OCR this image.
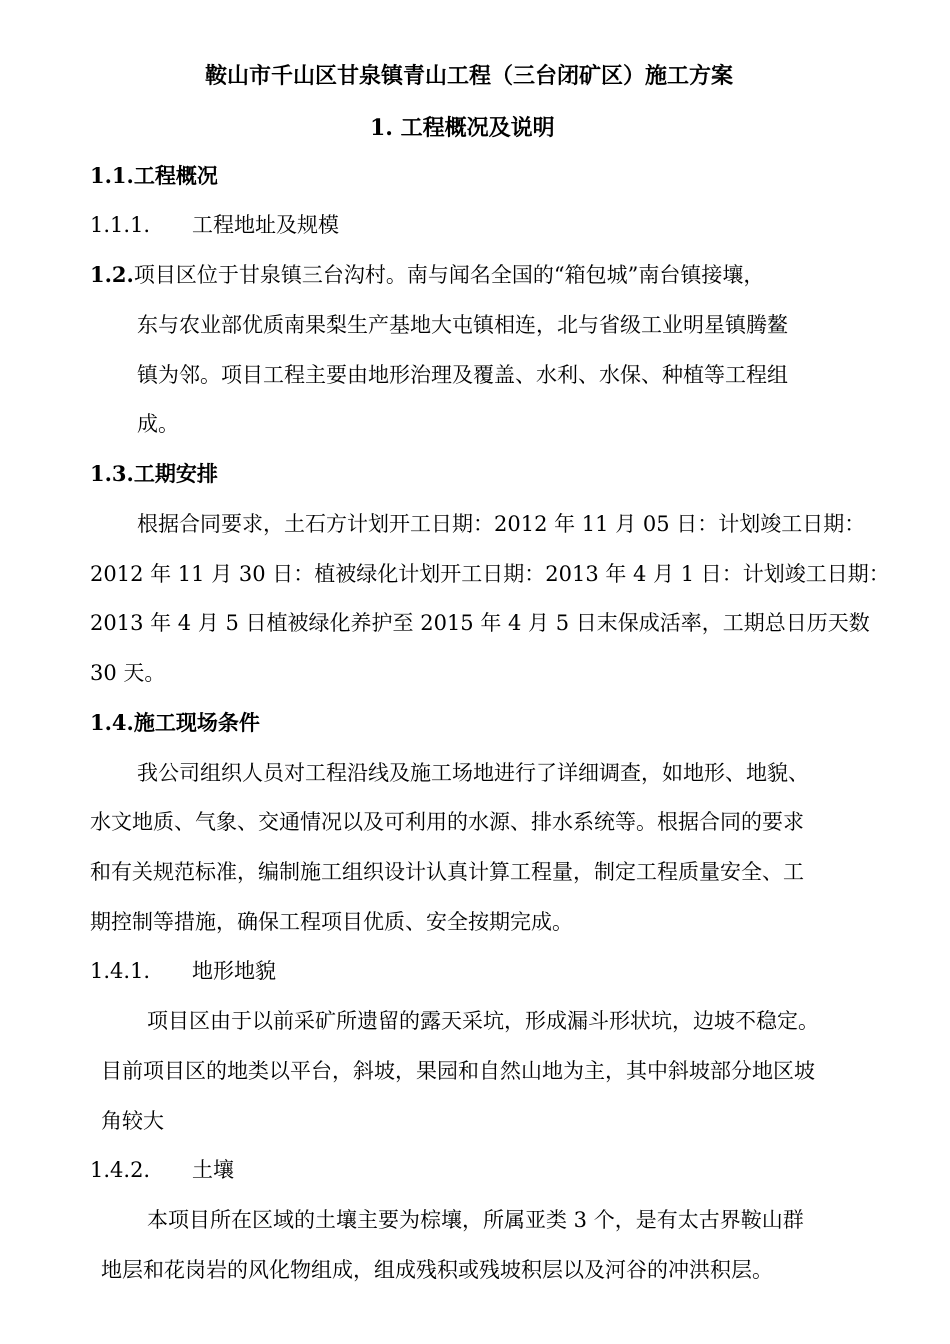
鞍山市千山区甘泉镇青山工程（三台闭矿区）施工方案
1. 工程概况及说明
1.1.工程概况
1.1.1. 工程地址及规模
1.2.项目区位于甘泉镇三台沟村。南与闻名全国的“箱包城”南台镇接壤，
东与农业部优质南果梨生产基地大屯镇相连，北与省级工业明星镇腾鳌
镇为邻。项目工程主要由地形治理及覆盖、水利、水保、种植等工程组
成。
1.3.工期安排
根据合同要求，土石方计划开工日期：2012 年 11 月 05 日：计划竣工日期：
2012 年 11 月 30 日：植被绿化计划开工日期：2013 年 4 月 1 日：计划竣工日期：
2013 年 4 月 5 日植被绿化养护至 2015 年 4 月 5 日末保成活率，工期总日历天数
30 天。
1.4.施工现场条件
我公司组织人员对工程沿线及施工场地进行了详细调查，如地形、地貌、
水文地质、气象、交通情况以及可利用的水源、排水系统等。根据合同的要求
和有关规范标准，编制施工组织设计认真计算工程量，制定工程质量安全、工
期控制等措施，确保工程项目优质、安全按期完成。
1.4.1. 地形地貌
项目区由于以前采矿所遗留的露天采坑，形成漏斗形状坑，边坡不稳定。
目前项目区的地类以平台，斜坡，果园和自然山地为主，其中斜坡部分地区坡
角较大
1.4.2. 土壤
本项目所在区域的土壤主要为棕壤，所属亚类 3 个，是有太古界鞍山群
地层和花岗岩的风化物组成，组成残积或残坡积层以及河谷的冲洪积层。
